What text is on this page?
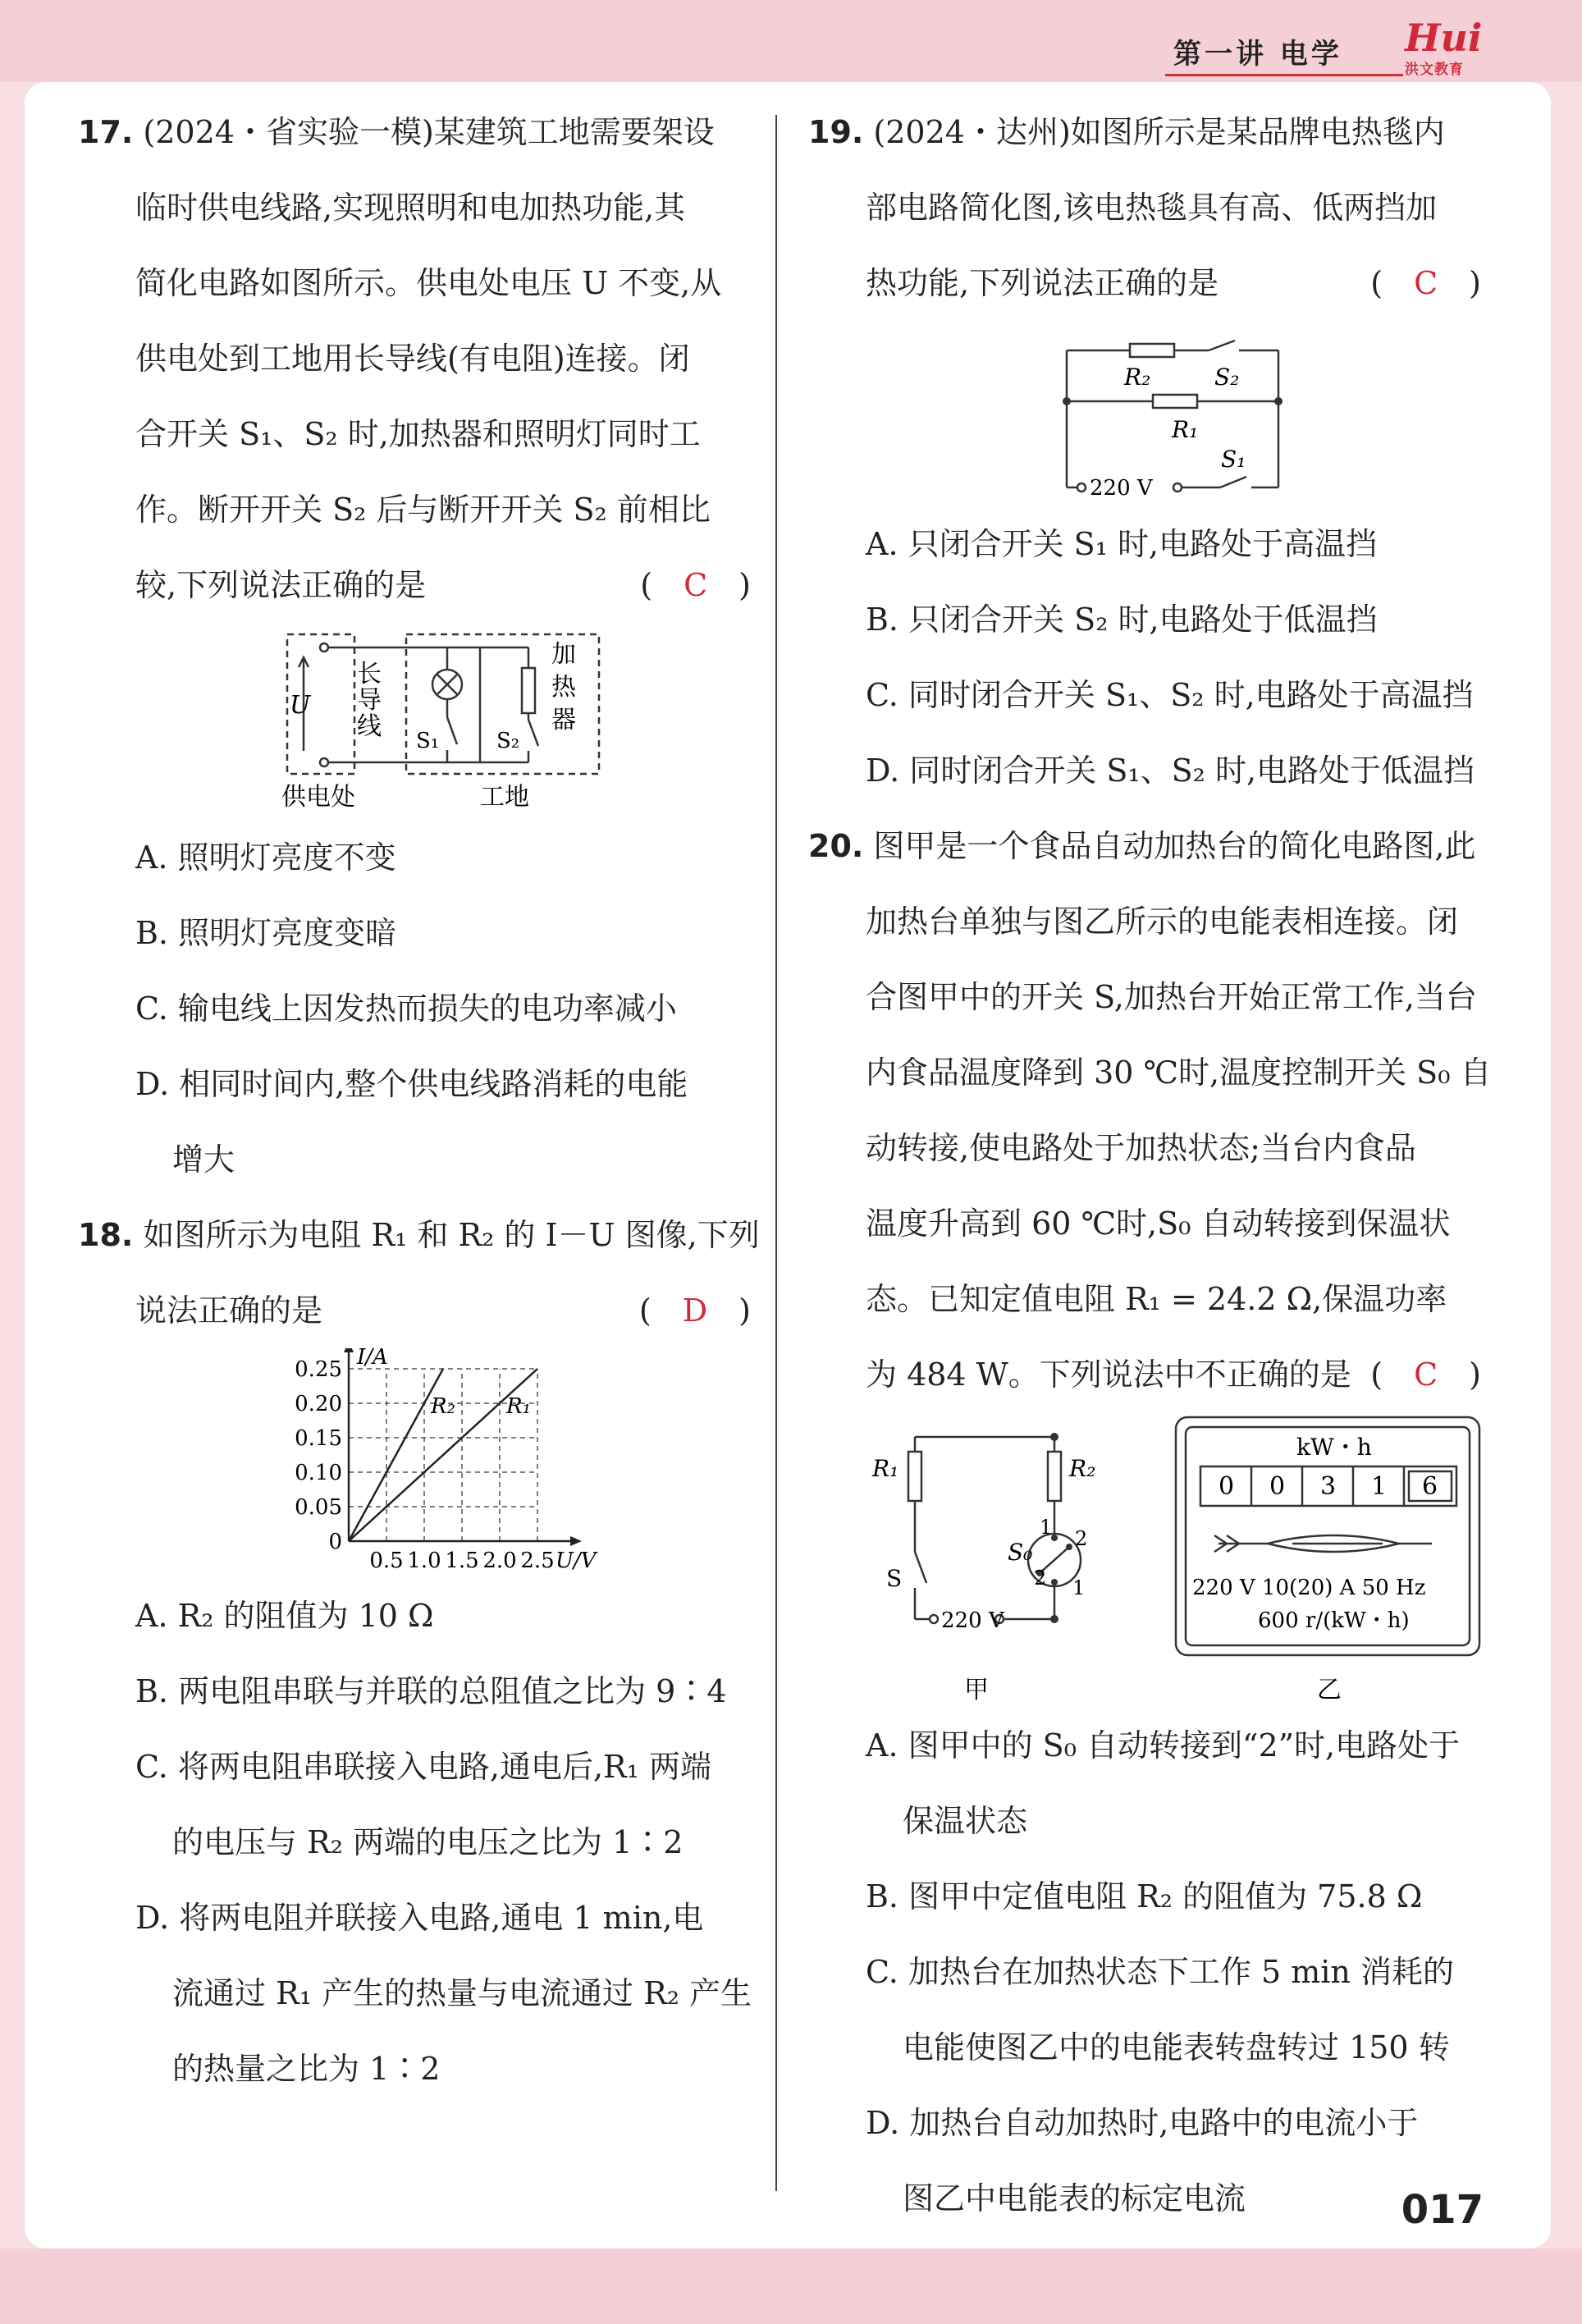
第一讲 电学 Hui
洪文教育
17. (2024・省实验一模)某建筑工地需要架设
临时供电线路,实现照明和电加热功能,其
简化电路如图所示。供电处电压 U 不变,从
供电处到工地用长导线(有电阻)连接。闭
合开关 S₁、S₂ 时,加热器和照明灯同时工
作。断开开关 S₂ 后与断开开关 S₂ 前相比
较,下列说法正确的是	(　C　)
U
长
导
线
加
热
器
S₁	S₂
供电处	工地
A. 照明灯亮度不变
B. 照明灯亮度变暗
C. 输电线上因发热而损失的电功率减小
D. 相同时间内,整个供电线路消耗的电能
增大
18. 如图所示为电阻 R₁ 和 R₂ 的 I－U 图像,下列
说法正确的是	(　D　)
0.5 1.0 1.5 2.0 2.5
0
0.05
0.10
0.15
0.20
0.25
U/V
I/A
R₂ R₁
A. R₂ 的阻值为 10 Ω
B. 两电阻串联与并联的总阻值之比为 9∶4
C. 将两电阻串联接入电路,通电后,R₁ 两端
的电压与 R₂ 两端的电压之比为 1∶2
D. 将两电阻并联接入电路,通电 1 min,电
流通过 R₁ 产生的热量与电流通过 R₂ 产生
的热量之比为 1∶2
19. (2024・达州)如图所示是某品牌电热毯内
部电路简化图,该电热毯具有高、低两挡加
热功能,下列说法正确的是	(　C　)
R₂	S₂
R₁
S₁
220 V
A. 只闭合开关 S₁ 时,电路处于高温挡
B. 只闭合开关 S₂ 时,电路处于低温挡
C. 同时闭合开关 S₁、S₂ 时,电路处于高温挡
D. 同时闭合开关 S₁、S₂ 时,电路处于低温挡
20. 图甲是一个食品自动加热台的简化电路图,此
加热台单独与图乙所示的电能表相连接。闭
合图甲中的开关 S,加热台开始正常工作,当台
内食品温度降到 30 ℃时,温度控制开关 S₀ 自
动转接,使电路处于加热状态;当台内食品
温度升高到 60 ℃时,S₀ 自动转接到保温状
态。已知定值电阻 R₁ = 24.2 Ω,保温功率
为 484 W。下列说法中不正确的是 (　C　)
R₁	R₂
S₀
S
220 V
1 2
2 1
甲
kW・h
0 0 3 1 6
220 V 10(20) A 50 Hz
600 r/(kW・h)
乙
A. 图甲中的 S₀ 自动转接到“2”时,电路处于
保温状态
B. 图甲中定值电阻 R₂ 的阻值为 75.8 Ω
C. 加热台在加热状态下工作 5 min 消耗的
电能使图乙中的电能表转盘转过 150 转
D. 加热台自动加热时,电路中的电流小于
图乙中电能表的标定电流	017
